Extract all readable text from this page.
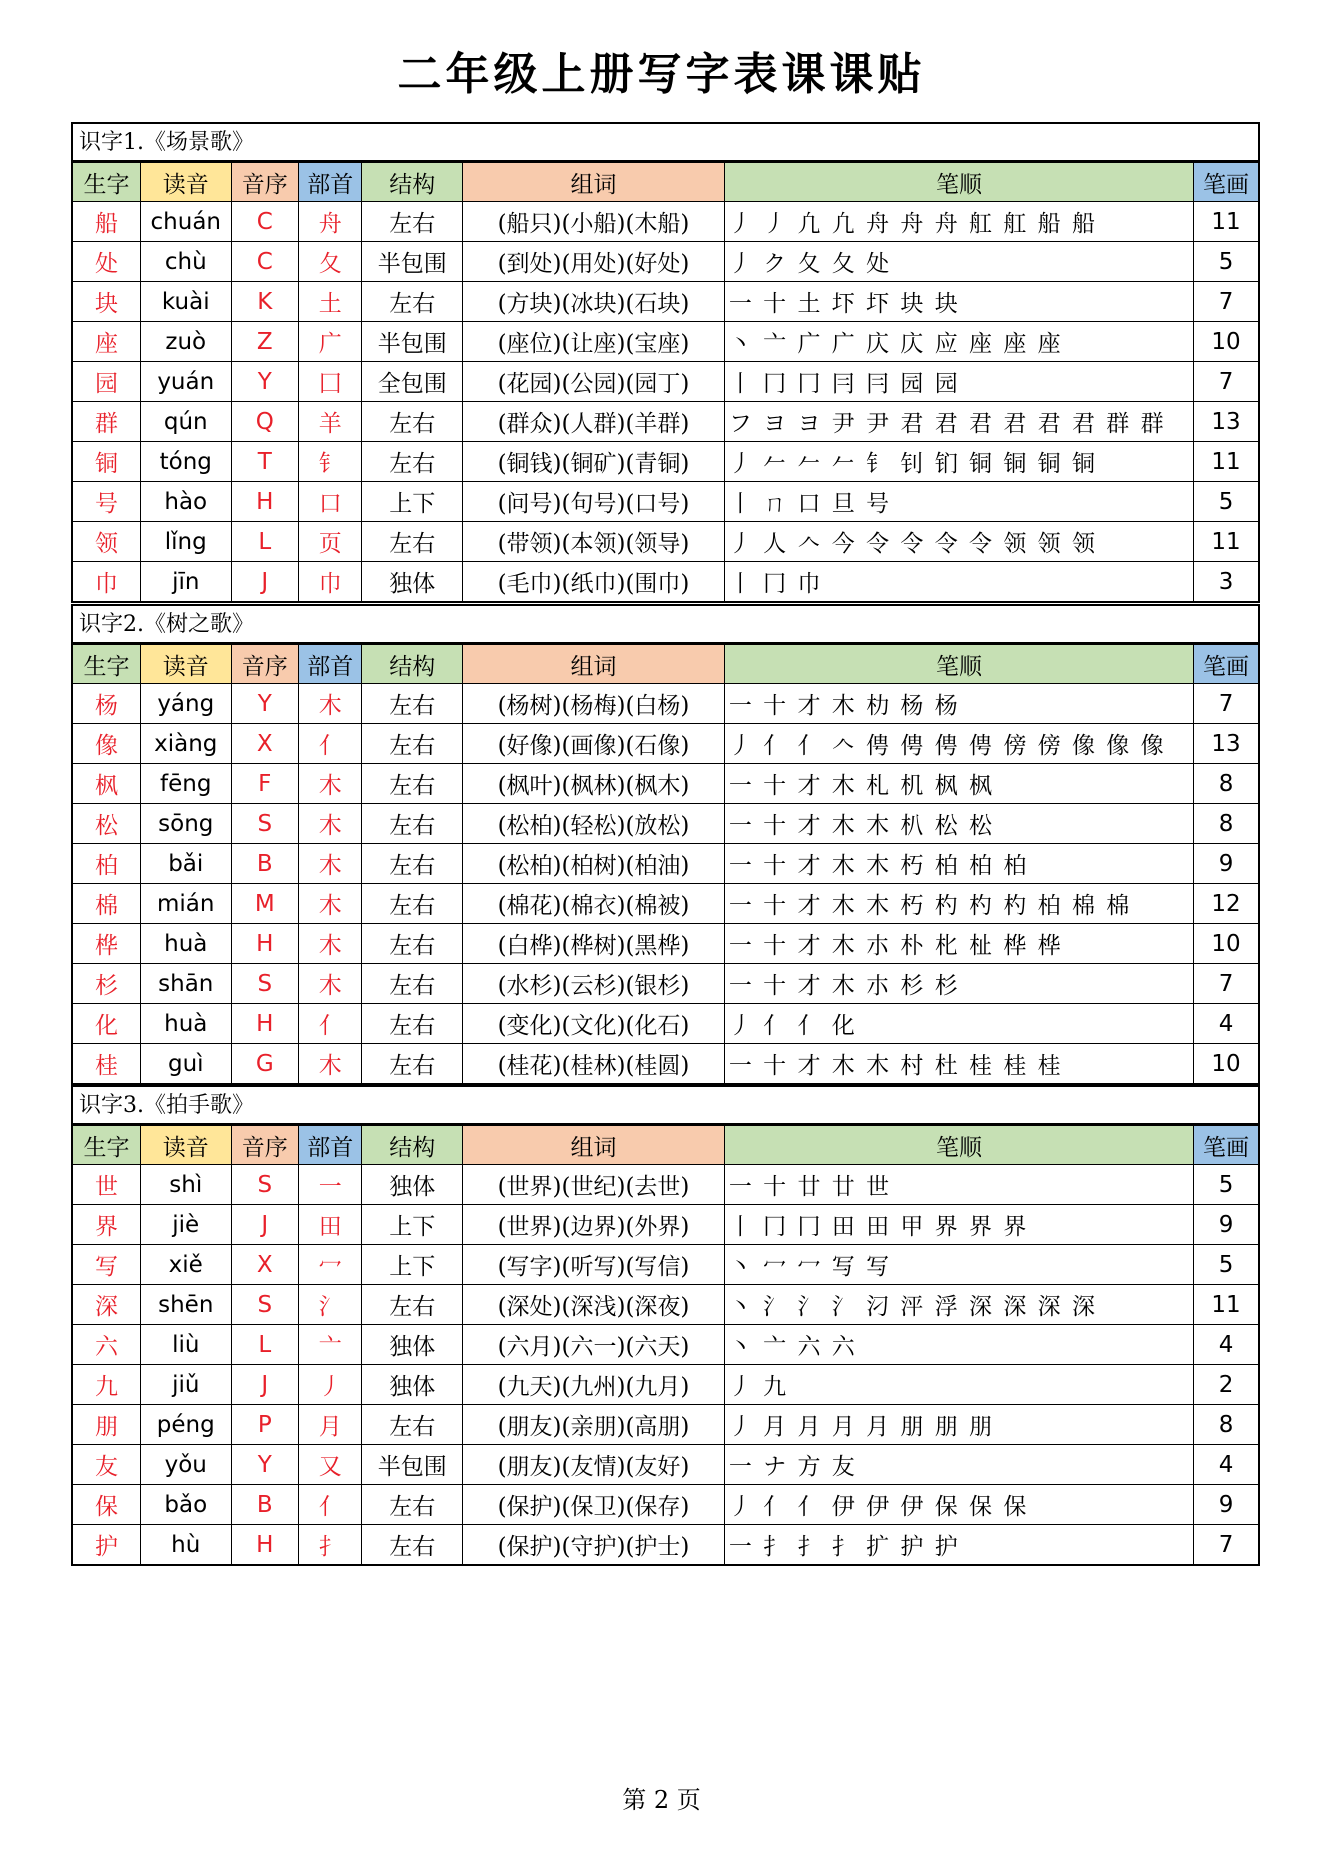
二年级上册写字表课课贴
识字1.《场景歌》
生字	读音	音序	部首	结构	组词	笔顺	笔画
船	chuán	C	舟	左右	(船只)(小船)(木船)	丿 丿 凢 凢 舟 舟 舟 舡 舡 船 船	11
处	chù	C	夂	半包围	(到处)(用处)(好处)	丿 ク 夂 夂 处	5
块	kuài	K	土	左右	(方块)(冰块)(石块)	一 十 土 圷 圷 块 块	7
座	zuò	Z	广	半包围	(座位)(让座)(宝座)	丶 亠 广 广 庂 庂 应 座 座 座	10
园	yuán	Y	囗	全包围	(花园)(公园)(园丁)	丨 冂 冂 冃 冃 园 园	7
群	qún	Q	羊	左右	(群众)(人群)(羊群)	フ ヨ ヨ 尹 尹 君 君 君 君 君 君 群 群	13
铜	tóng	T	钅	左右	(铜钱)(铜矿)(青铜)	丿 𠂉 𠂉 𠂉 钅 钊 钔 铜 铜 铜 铜	11
号	hào	H	口	上下	(问号)(句号)(口号)	丨 ㄇ 口 旦 号	5
领	lǐng	L	页	左右	(带领)(本领)(领导)	丿 人 𠆢 今 令 令 令 令 领 领 领	11
巾	jīn	J	巾	独体	(毛巾)(纸巾)(围巾)	丨 冂 巾	3
识字2.《树之歌》
生字	读音	音序	部首	结构	组词	笔顺	笔画
杨	yáng	Y	木	左右	(杨树)(杨梅)(白杨)	一 十 才 木 朸 杨 杨	7
像	xiàng	X	亻	左右	(好像)(画像)(石像)	丿 亻 亻 𠆢 俜 俜 俜 俜 傍 傍 像 像 像	13
枫	fēng	F	木	左右	(枫叶)(枫林)(枫木)	一 十 才 木 札 机 枫 枫	8
松	sōng	S	木	左右	(松柏)(轻松)(放松)	一 十 才 木 木 朳 松 松	8
柏	bǎi	B	木	左右	(松柏)(柏树)(柏油)	一 十 才 木 木 朽 柏 柏 柏	9
棉	mián	M	木	左右	(棉花)(棉衣)(棉被)	一 十 才 木 木 朽 杓 杓 杓 柏 棉 棉	12
桦	huà	H	木	左右	(白桦)(桦树)(黑桦)	一 十 才 木 朩 朴 朼 杫 桦 桦	10
杉	shān	S	木	左右	(水杉)(云杉)(银杉)	一 十 才 木 朩 杉 杉	7
化	huà	H	亻	左右	(变化)(文化)(化石)	丿 亻 亻 化	4
桂	guì	G	木	左右	(桂花)(桂林)(桂圆)	一 十 才 木 木 村 杜 桂 桂 桂	10
识字3.《拍手歌》
生字	读音	音序	部首	结构	组词	笔顺	笔画
世	shì	S	一	独体	(世界)(世纪)(去世)	一 十 廿 廿 世	5
界	jiè	J	田	上下	(世界)(边界)(外界)	丨 冂 冂 田 田 甲 界 界 界	9
写	xiě	X	冖	上下	(写字)(听写)(写信)	丶 冖 冖 写 写	5
深	shēn	S	氵	左右	(深处)(深浅)(深夜)	丶 氵 氵 氵 汈 泙 浮 深 深 深 深	11
六	liù	L	亠	独体	(六月)(六一)(六天)	丶 亠 六 六	4
九	jiǔ	J	丿	独体	(九天)(九州)(九月)	丿 九	2
朋	péng	P	月	左右	(朋友)(亲朋)(高朋)	丿 月 月 月 月 朋 朋 朋	8
友	yǒu	Y	又	半包围	(朋友)(友情)(友好)	一 ナ 方 友	4
保	bǎo	B	亻	左右	(保护)(保卫)(保存)	丿 亻 亻 伊 伊 伊 保 保 保	9
护	hù	H	扌	左右	(保护)(守护)(护士)	一 扌 扌 扌 扩 护 护	7
第 2 页
